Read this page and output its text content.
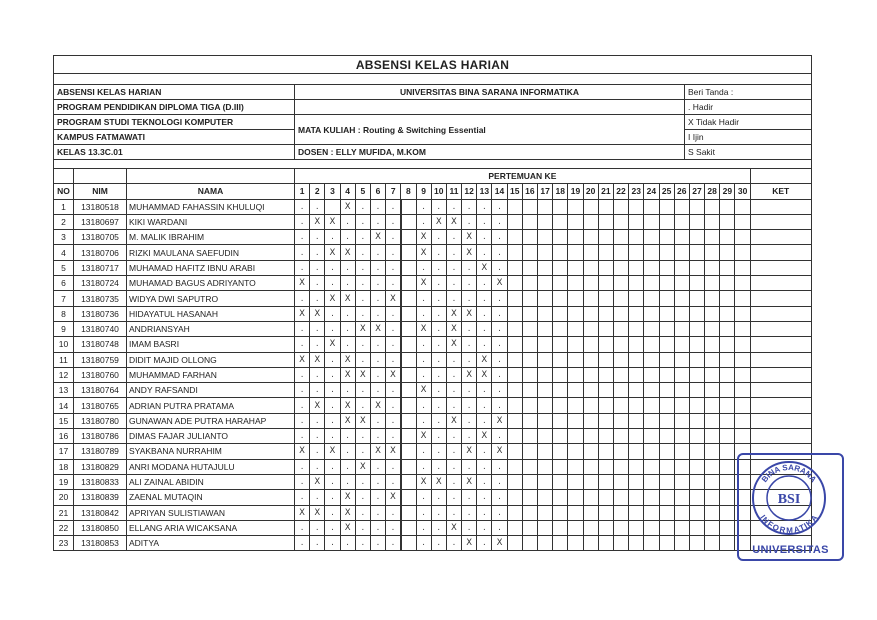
ABSENSI KELAS HARIAN		

ABSENSI KELAS HARIAN	UNIVERSITAS BINA SARANA INFORMATIKA	Beri Tanda :
PROGRAM PENDIDIKAN DIPLOMA TIGA (D.III)		. Hadir
PROGRAM STUDI TEKNOLOGI KOMPUTER	MATA KULIAH : Routing & Switching Essential	X Tidak Hadir
KAMPUS FATMAWATI		I Ijin
KELAS 13.3C.01	DOSEN : ELLY MUFIDA, M.KOM	S Sakit

			PERTEMUAN KE																														
NO	NIM	NAMA	1	2	3	4	5	6	7	8	9	10	11	12	13	14	15	16	17	18	19	20	21	22	23	24	25	26	27	28	29	30	KET
1	13180518	MUHAMMAD FAHASSIN KHULUQI	.	.		X	.	.	.		.	.	.	.	.	.																	
2	13180697	KIKI WARDANI	.	X	X	.	.	.	.		.	X	X	.	.	.																	
3	13180705	M. MALIK IBRAHIM	.	.	.	.	.	X	.		X	.	.	X	.	.																	
4	13180706	RIZKI MAULANA SAEFUDIN	.	.	X	X	.	.	.		X	.	.	X	.	.																	
5	13180717	MUHAMAD HAFITZ IBNU ARABI	.	.	.	.	.	.	.		.	.	.	.	X	.																	
6	13180724	MUHAMAD BAGUS ADRIYANTO	X	.	.	.	.	.	.		X	.	.	.	.	X																	
7	13180735	WIDYA DWI SAPUTRO	.	.	X	X	.	.	X		.	.	.	.	.	.																	
8	13180736	HIDAYATUL HASANAH	X	X	.	.	.	.	.		.	.	X	X	.	.																	
9	13180740	ANDRIANSYAH	.	.	.	.	X	X	.		X	.	X	.	.	.																	
10	13180748	IMAM BASRI	.	.	X	.	.	.	.		.	.	X	.	.	.																	
11	13180759	DIDIT MAJID OLLONG	X	X	.	X	.	.	.		.	.	.	.	X	.																	
12	13180760	MUHAMMAD FARHAN	.	.	.	X	X	.	X		.	.	.	X	X	.																	
13	13180764	ANDY RAFSANDI	.	.	.	.	.	.	.		X	.	.	.	.	.																	
14	13180765	ADRIAN PUTRA PRATAMA	.	X	.	X	.	X	.		.	.	.	.	.	.																	
15	13180780	GUNAWAN ADE PUTRA HARAHAP	.	.	.	X	X	.	.		.	.	X	.	.	X																	
16	13180786	DIMAS FAJAR JULIANTO	.	.	.	.	.	.	.		X	.	.	.	X	.																	
17	13180789	SYAKBANA NURRAHIM	X	.	X	.	.	X	X		.	.	.	X	.	X																	
18	13180829	ANRI MODANA HUTAJULU	.	.	.	.	X	.	.		.	.	.	.	.	.																	
19	13180833	ALI ZAINAL ABIDIN	.	X	.	.	.	.	.		X	X	.	X	.	.																	
20	13180839	ZAENAL MUTAQIN	.	.	.	X	.	.	X		.	.	.	.	.	.																	
21	13180842	APRIYAN SULISTIAWAN	X	X	.	X	.	.	.		.	.	.	.	.	.																	
22	13180850	ELLANG ARIA WICAKSANA	.	.	.	X	.	.	.		.	.	X	.	.	.																	
23	13180853	ADITYA	.	.	.	.	.	.	.		.	.	.	X	.	X																	
BINA SARANA
INFORMATIKA
BSI
UNIVERSITAS
